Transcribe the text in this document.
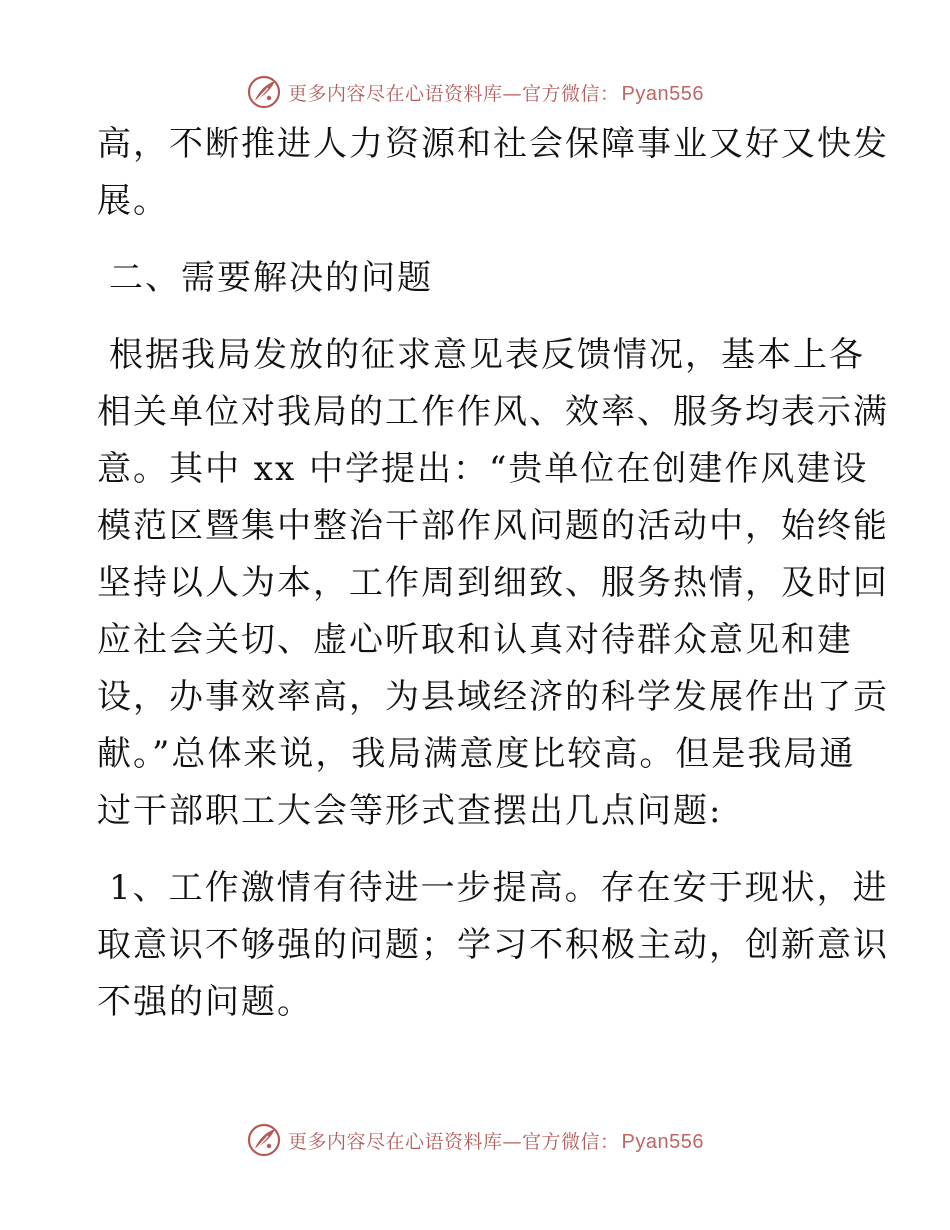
更多内容尽在心语资料库—官方微信： Pyan556
高，不断推进人力资源和社会保障事业又好又快发
展。
二、需要解决的问题
根据我局发放的征求意见表反馈情况，基本上各
相关单位对我局的工作作风、效率、服务均表示满
意。其中 xx 中学提出：“贵单位在创建作风建设
模范区暨集中整治干部作风问题的活动中，始终能
坚持以人为本，工作周到细致、服务热情，及时回
应社会关切、虚心听取和认真对待群众意见和建
设，办事效率高，为县域经济的科学发展作出了贡
献。”总体来说，我局满意度比较高。但是我局通
过干部职工大会等形式查摆出几点问题:
1、工作激情有待进一步提高。存在安于现状，进
取意识不够强的问题；学习不积极主动，创新意识
不强的问题。
更多内容尽在心语资料库—官方微信： Pyan556
